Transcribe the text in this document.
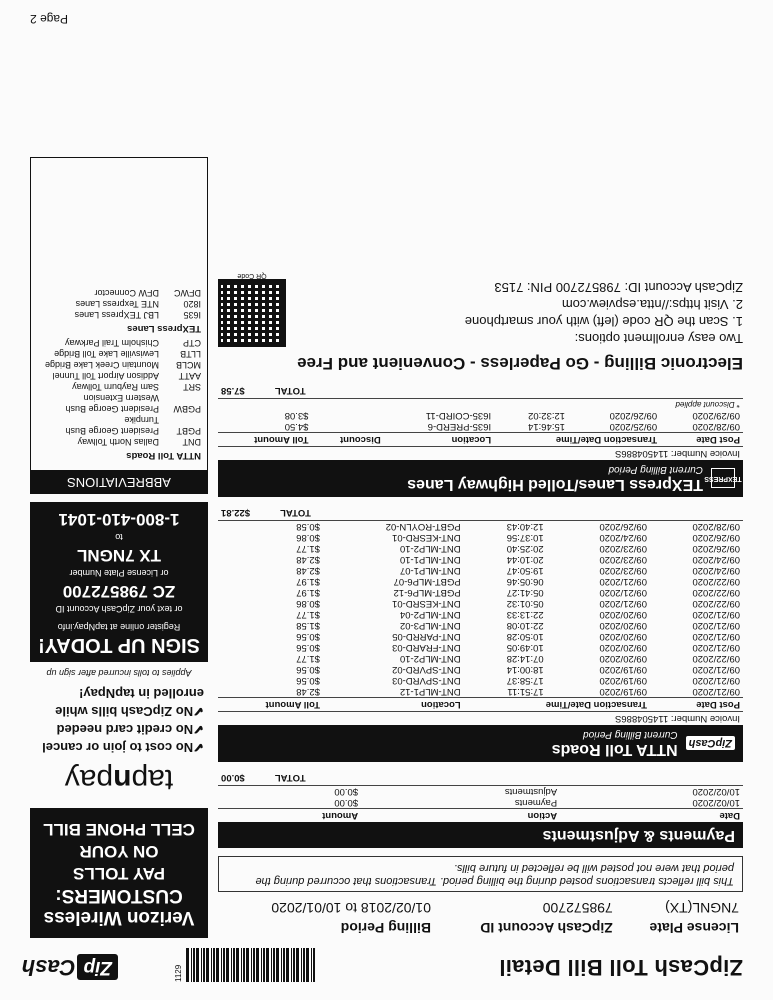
ZipCash Toll Bill Detail
1129
Zip
Cash
License Plate	ZipCash Account ID	Billing Period
7NGNL(TX)	798572700	01/02/2018 to 10/01/2020
This bill reflects transactions posted during the billing period. Transactions that occurred during the period that were not posted will be reflected in future bills.
Payments & Adjustments
Date	Action	Amount
10/02/2020	Payments	$0.00
10/02/2020	Adjustments	$0.00
TOTAL
$0.00
ZipCash
NTTA Toll Roads
Current Billing Period
Invoice Number: 114504886S
Post Date	Transaction Date/Time		Location	Toll Amount
09/21/2020	09/19/2020	17:51:11	DNT-MLP1-12	$2.48
09/21/2020	09/19/2020	17:58:37	DNT-SPVRD-03	$0.56
09/21/2020	09/19/2020	18:00:14	DNT-SPVRD-02	$0.56
09/22/2020	09/20/2020	07:14:28	DNT-MLP2-10	$1.77
09/21/2020	09/20/2020	10:49:05	DNT-FRARD-03	$0.56
09/21/2020	09/20/2020	10:50:28	DNT-PARRD-05	$0.56
09/21/2020	09/20/2020	22:10:08	DNT-MLP3-02	$1.58
09/21/2020	09/20/2020	22:13:33	DNT-MLP2-04	$1.77
09/22/2020	09/21/2020	05:01:32	DNT-KESRD-01	$0.86
09/22/2020	09/21/2020	05:41:27	PGBT-MLP6-12	$1.97
09/22/2020	09/21/2020	06:05:46	PGBT-MLP6-07	$1.97
09/24/2020	09/23/2020	19:50:47	DNT-MLP1-07	$2.48
09/24/2020	09/23/2020	20:10:44	DNT-MLP1-10	$2.48
09/26/2020	09/23/2020	20:25:40	DNT-MLP2-10	$1.77
09/26/2020	09/24/2020	10:37:56	DNT-KESRD-01	$0.86
09/28/2020	09/26/2020	12:40:43	PGBT-ROYLN-02	$0.58
TOTAL
$22.81
TEXPRESS
TEXpress Lanes/Tolled Highway Lanes
Current Billing Period
Invoice Number: 114504886S
Post Date	Transaction Date/Time		Location	Discount	Toll Amount
09/28/2020	09/25/2020	15:46:14	I635-PRERD-6		$4.50
09/29/2020	09/26/2020	12:32:02	I635-COIRD-11		$3.08
* Discount applied
TOTAL
$7.58
Electronic Billing - Go Paperless - Convenient and Free
Two easy enrollment options:
1. Scan the QR code (left) with your smartphone
2. Visit https://ntta.espview.com
ZipCash Account ID: 798572700 PIN: 7153
QR Code
Verizon Wireless
CUSTOMERS:
PAY TOLLS
ON YOUR
CELL PHONE BILL
tapnpay
✔ No cost to join or cancel
✔ No credit card needed
✔ No ZipCash bills while enrolled in tapNpay!
Applies to tolls incurred after sign up
SIGN UP TODAY!
Register online at tapNpay.info
or text your ZipCash Account ID
ZC 798572700
or License Plate Number
TX 7NGNL
to
1-800-410-1041
ABBREVIATIONS
NTTA Toll Roads
DNT
Dallas North Tollway
PGBT
President George Bush Turnpike
PGBW
President George Bush Western Extension
SRT
Sam Rayburn Tollway
AATT
Addison Airport Toll Tunnel
MCLB
Mountain Creek Lake Bridge
LLTB
Lewisville Lake Toll Bridge
CTP
Chisholm Trail Parkway
TEXpress Lanes
I635
LBJ TEXpress Lanes
I820
NTE Texpress Lanes
DFWC
DFW Connector
Page 2
